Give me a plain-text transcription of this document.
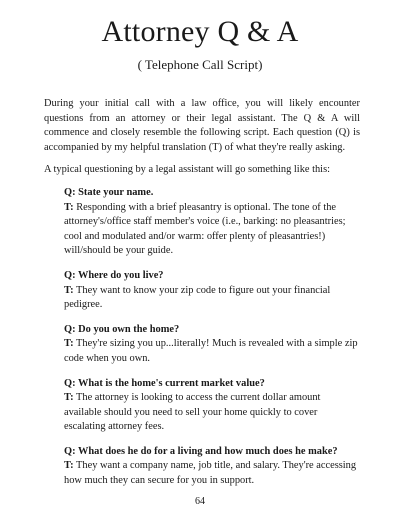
Attorney Q & A

( Telephone Call Script)

During your initial call with a law office, you will likely encounter questions from an attorney or their legal assistant. The Q & A will commence and closely resemble the following script. Each question (Q) is accompanied by my helpful translation (T) of what they're really asking.

A typical questioning by a legal assistant will go something like this:

Q: State your name.

T: Responding with a brief pleasantry is optional. The tone of the attorney's/office staff member's voice (i.e., barking: no pleasantries; cool and modulated and/or warm: offer plenty of pleasantries!) will/should be your guide.

Q: Where do you live?

T: They want to know your zip code to figure out your financial pedigree.

Q: Do you own the home?

T: They're sizing you up...literally! Much is revealed with a simple zip code when you own.

Q: What is the home's current market value?

T: The attorney is looking to access the current dollar amount available should you need to sell your home quickly to cover escalating attorney fees.

Q: What does he do for a living and how much does he make?

T: They want a company name, job title, and salary. They're accessing how much they can secure for you in support.

64
